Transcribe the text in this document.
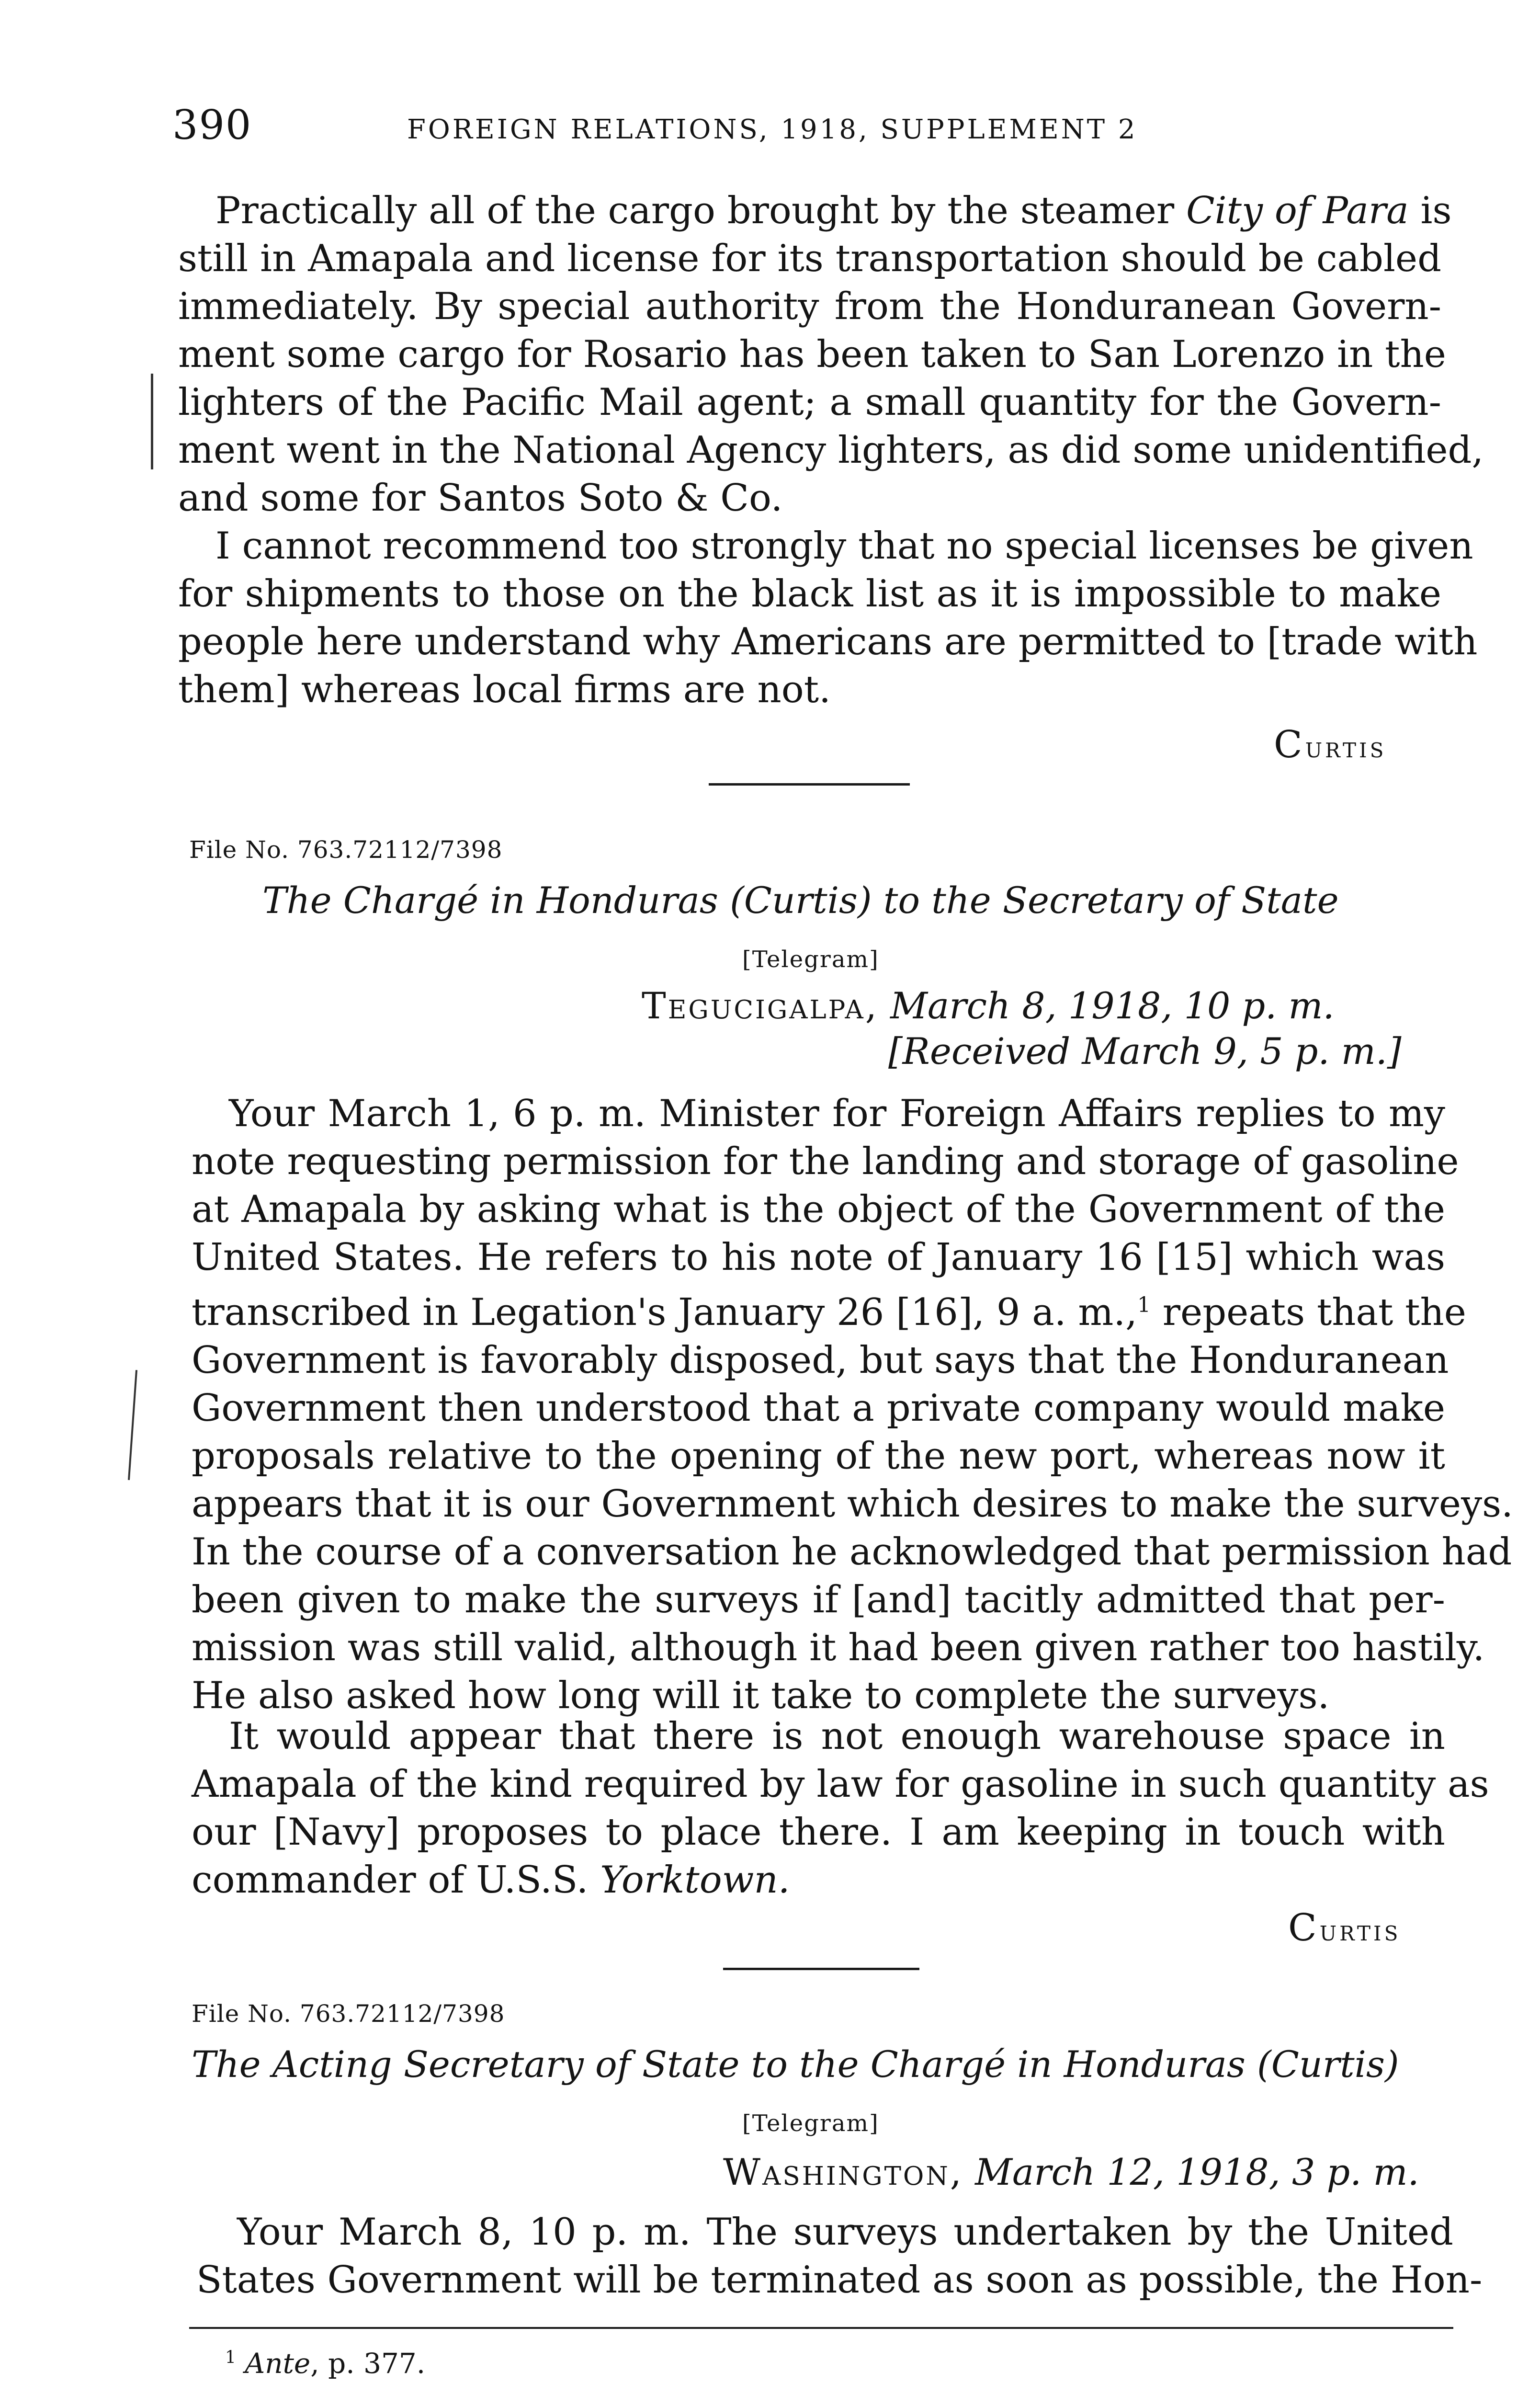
390	FOREIGN RELATIONS, 1918, SUPPLEMENT 2
Practically all of the cargo brought by the steamer City of Para is
still in Amapala and license for its transportation should be cabled
immediately. By special authority from the Honduranean Govern-
ment some cargo for Rosario has been taken to San Lorenzo in the
lighters of the Pacific Mail agent; a small quantity for the Govern-
ment went in the National Agency lighters, as did some unidentified,
and some for Santos Soto & Co.
I cannot recommend too strongly that no special licenses be given
for shipments to those on the black list as it is impossible to make
people here understand why Americans are permitted to [trade with
them] whereas local firms are not.
Curtis
File No. 763.72112/7398
The Chargé in Honduras (Curtis) to the Secretary of State
[Telegram]
Tegucigalpa, March 8, 1918, 10 p. m.
[Received March 9, 5 p. m.]
Your March 1, 6 p. m. Minister for Foreign Affairs replies to my
note requesting permission for the landing and storage of gasoline
at Amapala by asking what is the object of the Government of the
United States. He refers to his note of January 16 [15] which was
transcribed in Legation's January 26 [16], 9 a. m.,$^1$ repeats that the
Government is favorably disposed, but says that the Honduranean
Government then understood that a private company would make
proposals relative to the opening of the new port, whereas now it
appears that it is our Government which desires to make the surveys.
In the course of a conversation he acknowledged that permission had
been given to make the surveys if [and] tacitly admitted that per-
mission was still valid, although it had been given rather too hastily.
He also asked how long will it take to complete the surveys.
It would appear that there is not enough warehouse space in
Amapala of the kind required by law for gasoline in such quantity as
our [Navy] proposes to place there. I am keeping in touch with
commander of U.S.S. Yorktown.
Curtis
File No. 763.72112/7398
The Acting Secretary of State to the Chargé in Honduras (Curtis)
[Telegram]
Washington, March 12, 1918, 3 p. m.
Your March 8, 10 p. m. The surveys undertaken by the United
States Government will be terminated as soon as possible, the Hon-
$^1$ Ante, p. 377.
